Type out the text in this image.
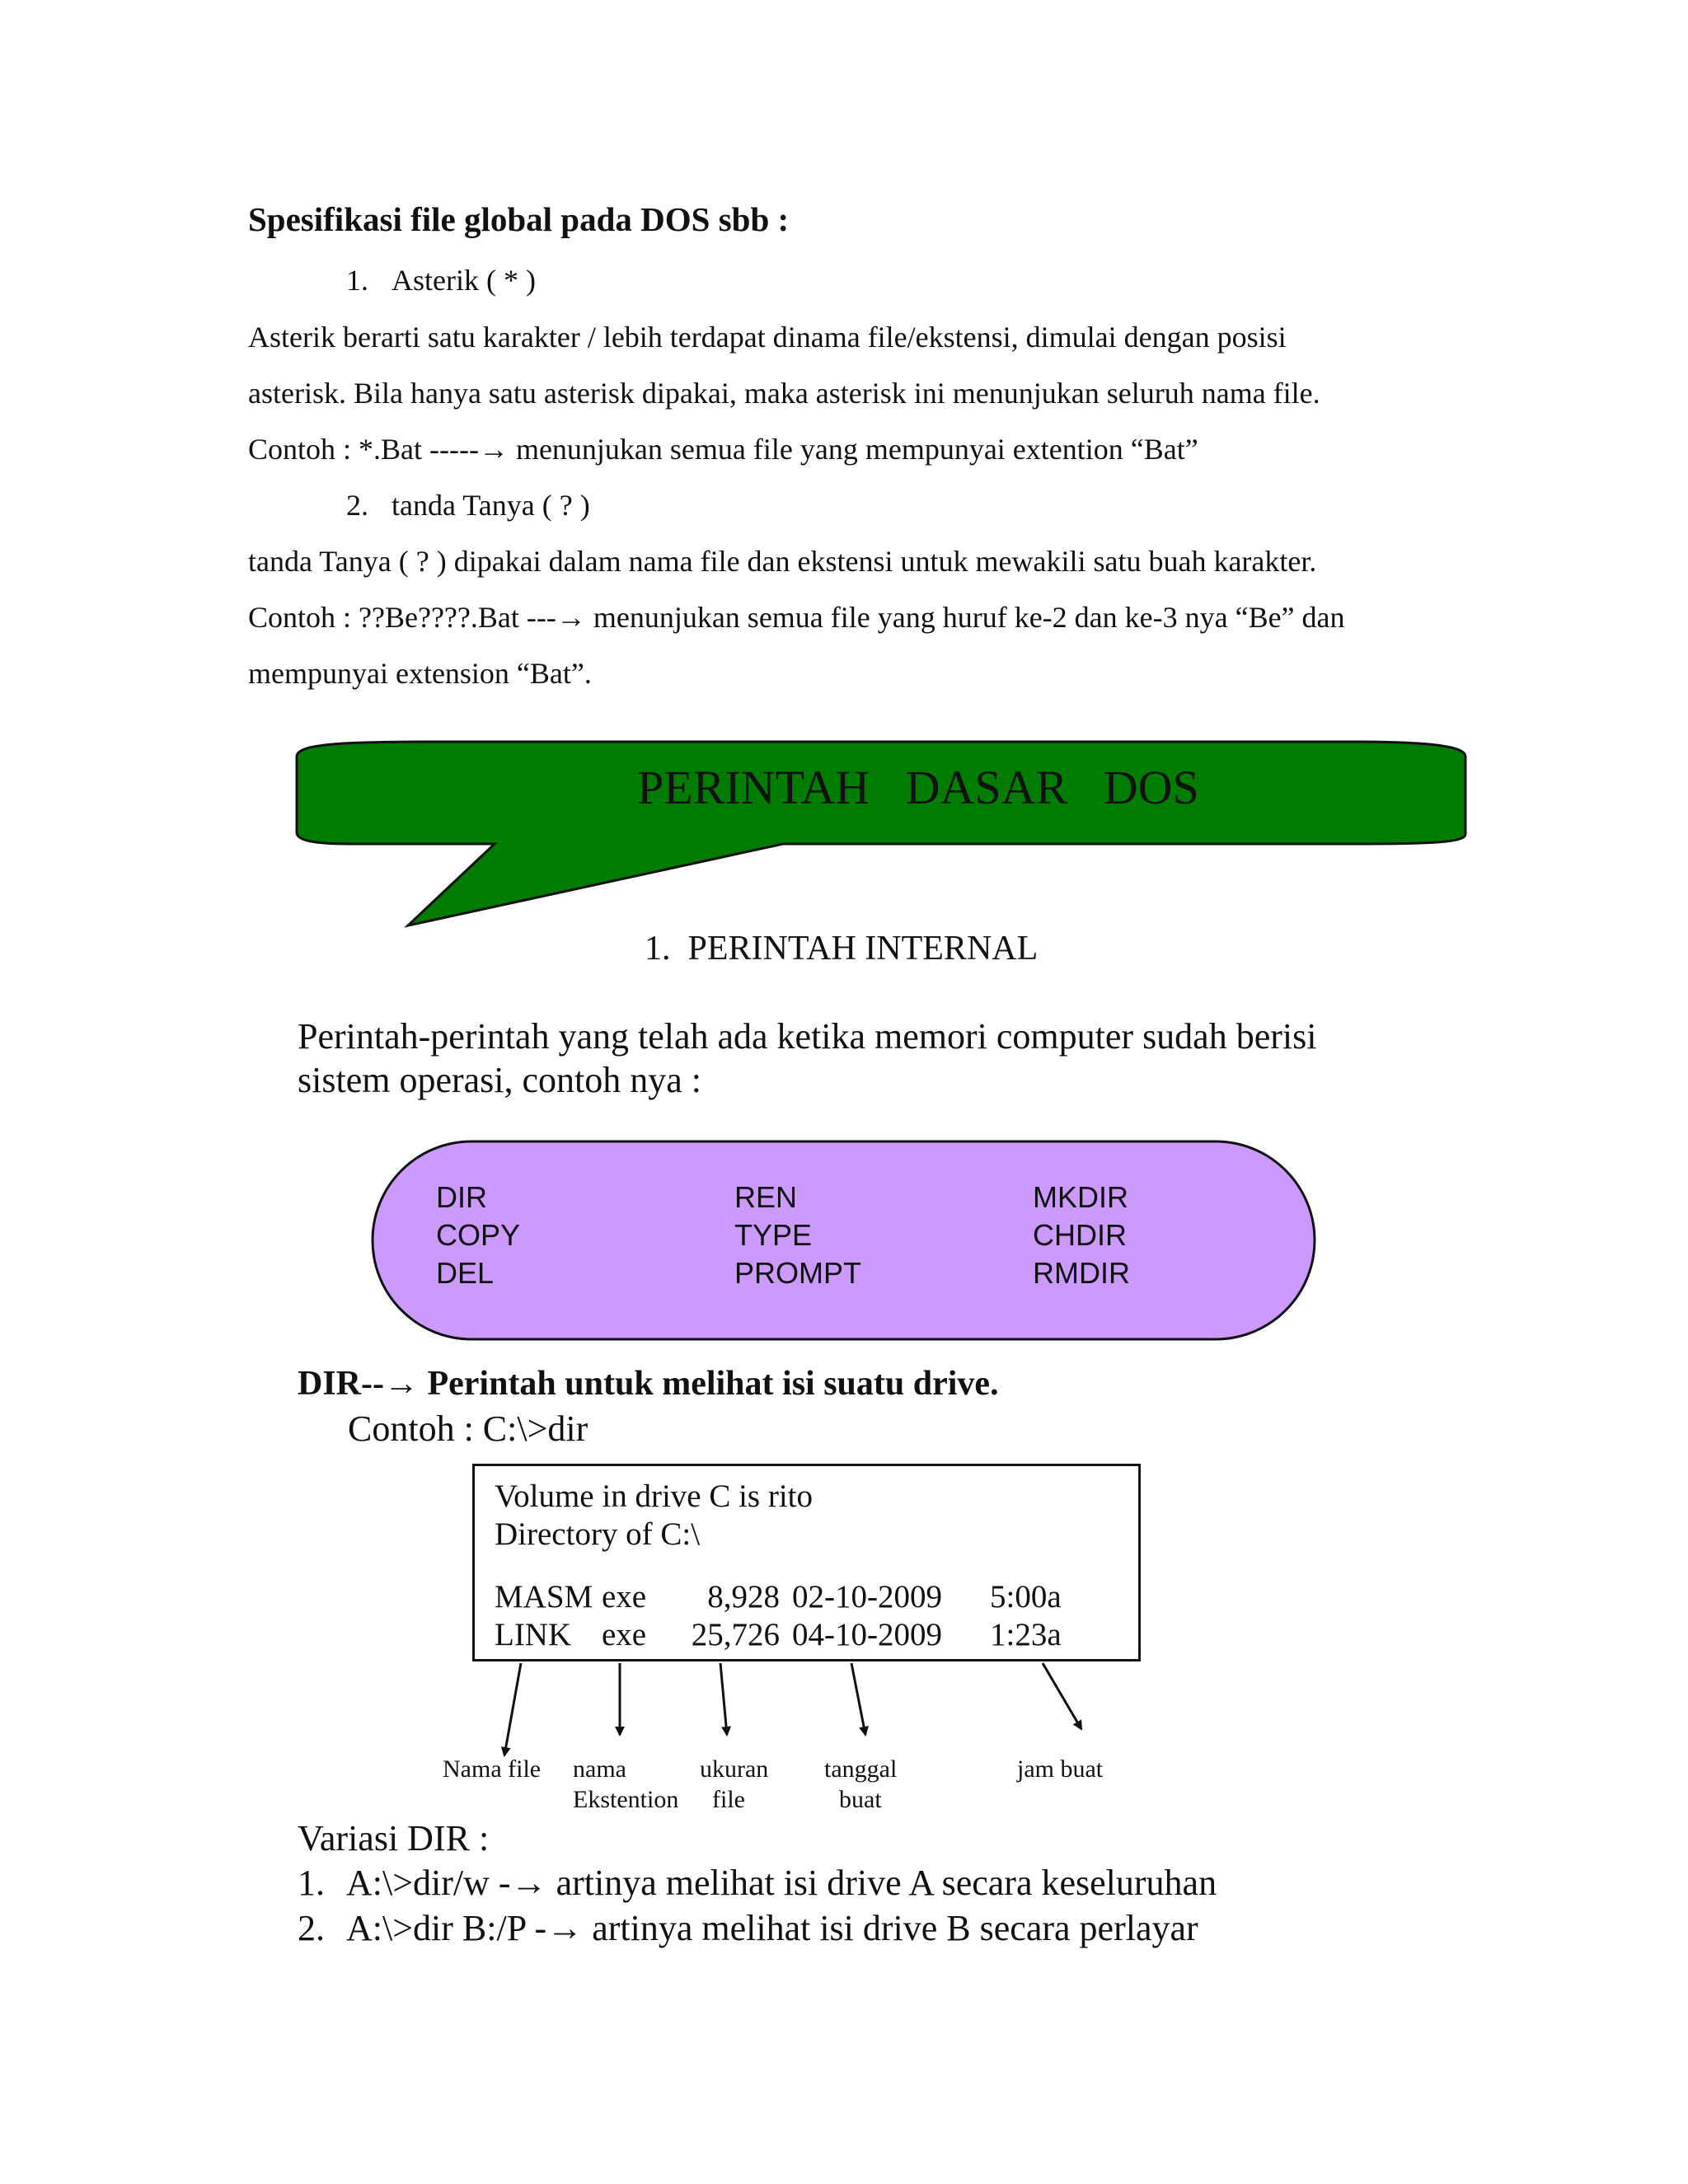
Spesifikasi file global pada DOS sbb :
1. Asterik ( * )
Asterik berarti satu karakter / lebih terdapat dinama file/ekstensi, dimulai dengan posisi
asterisk. Bila hanya satu asterisk dipakai, maka asterisk ini menunjukan seluruh nama file.
Contoh : *.Bat -----→ menunjukan semua file yang mempunyai extention “Bat”
2. tanda Tanya ( ? )
tanda Tanya ( ? ) dipakai dalam nama file dan ekstensi untuk mewakili satu buah karakter.
Contoh : ??Be????.Bat ---→ menunjukan semua file yang huruf ke-2 dan ke-3 nya “Be” dan
mempunyai extension “Bat”.
PERINTAH   DASAR   DOS
1.  PERINTAH INTERNAL
Perintah-perintah yang telah ada ketika memori computer sudah berisi
sistem operasi, contoh nya :
DIR
COPY
DEL
REN
TYPE
PROMPT
MKDIR
CHDIR
RMDIR
DIR--→ Perintah untuk melihat isi suatu drive.
Contoh : C:\>dir
Volume in drive C is rito
Directory of C:\
MASM exe	8,928 02-10-2009 5:00a
LINK exe	25,726 04-10-2009 1:23a
Nama file nama
Ekstention
ukuran
file
tanggal
buat
jam buat
Variasi DIR :
1. A:\>dir/w -→ artinya melihat isi drive A secara keseluruhan
2. A:\>dir B:/P -→ artinya melihat isi drive B secara perlayar
